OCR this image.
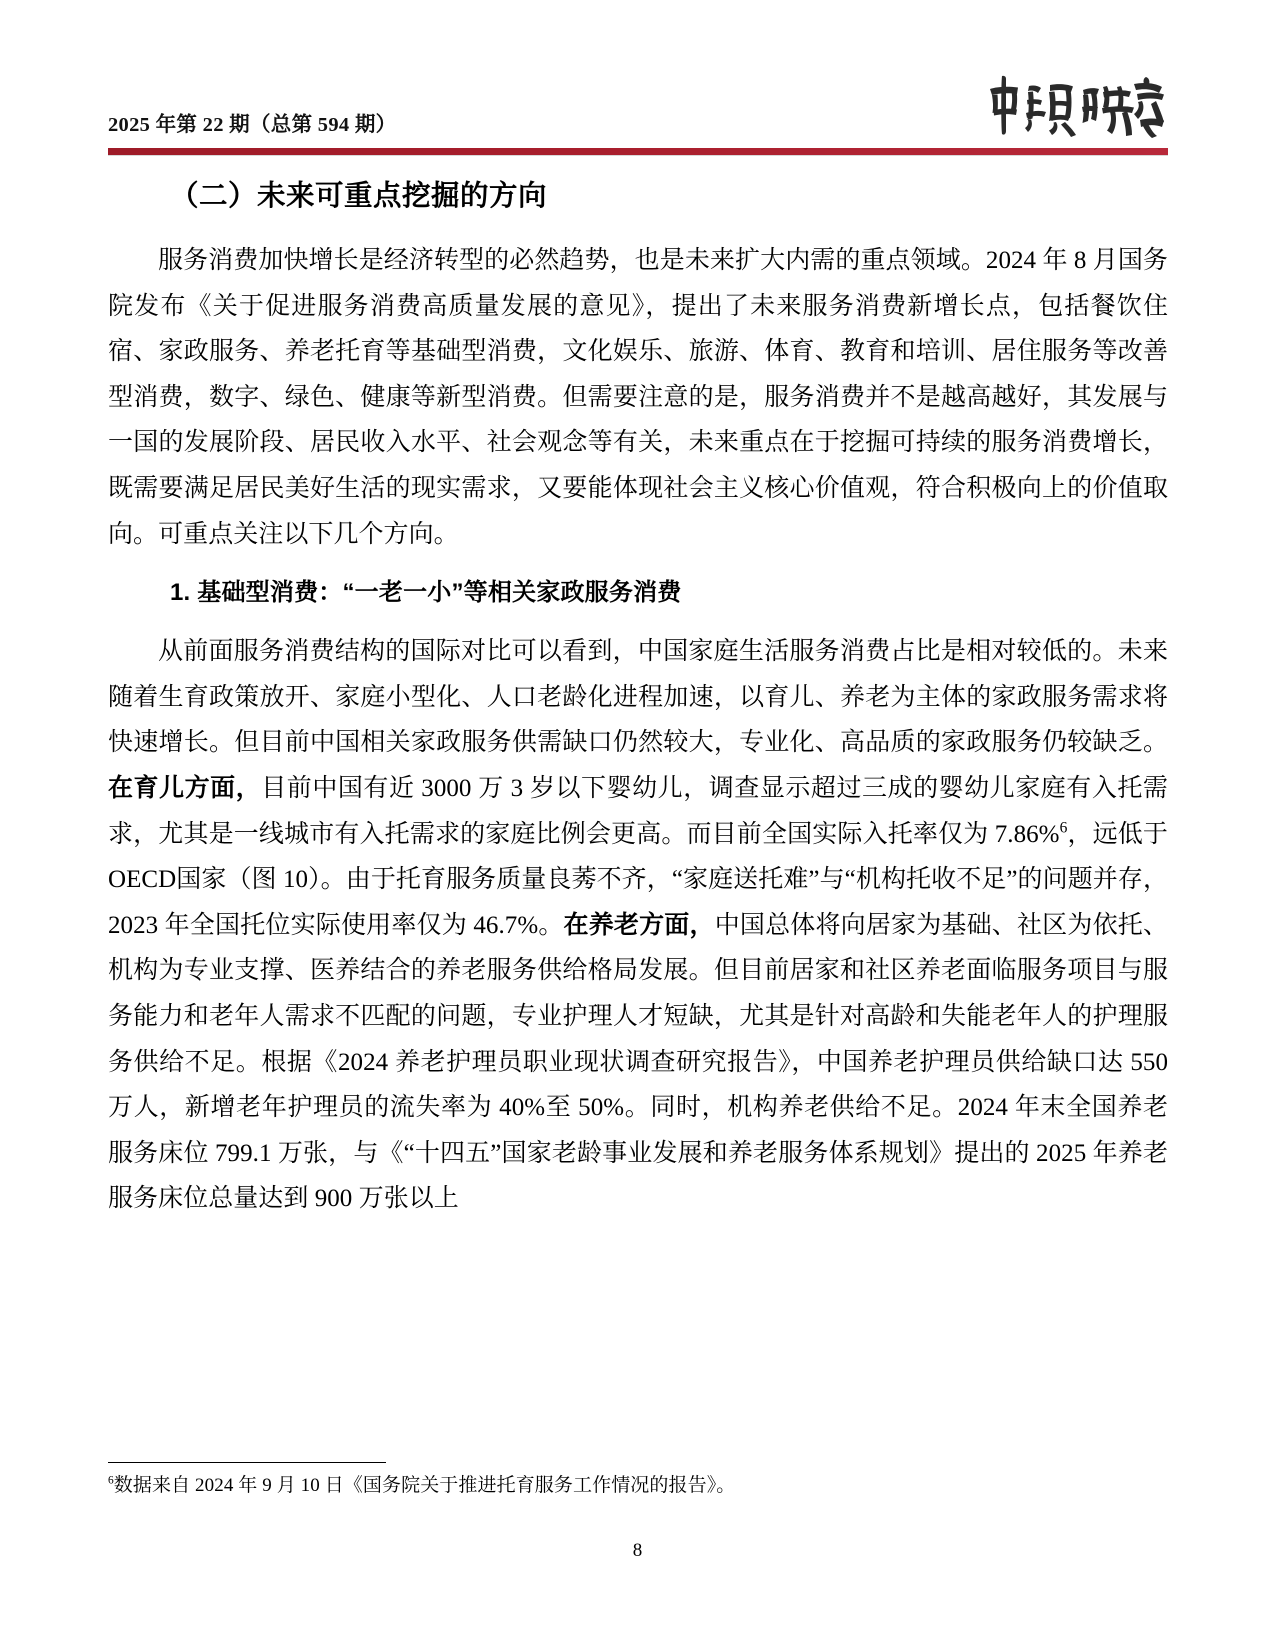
2025 年第 22 期（总第 594 期）
（二）未来可重点挖掘的方向

服务消费加快增长是经济转型的必然趋势，也是未来扩大内需的重点领域。2024 年 8 月国务院发布《关于促进服务消费高质量发展的意见》，提出了未来服务消费新增长点，包括餐饮住宿、家政服务、养老托育等基础型消费，文化娱乐、旅游、体育、教育和培训、居住服务等改善型消费，数字、绿色、健康等新型消费。但需要注意的是，服务消费并不是越高越好，其发展与一国的发展阶段、居民收入水平、社会观念等有关，未来重点在于挖掘可持续的服务消费增长，既需要满足居民美好生活的现实需求，又要能体现社会主义核心价值观，符合积极向上的价值取向。可重点关注以下几个方向。

1. 基础型消费：“一老一小”等相关家政服务消费

从前面服务消费结构的国际对比可以看到，中国家庭生活服务消费占比是相对较低的。未来随着生育政策放开、家庭小型化、人口老龄化进程加速，以育儿、养老为主体的家政服务需求将快速增长。但目前中国相关家政服务供需缺口仍然较大，专业化、高品质的家政服务仍较缺乏。在育儿方面，目前中国有近 3000 万 3 岁以下婴幼儿，调查显示超过三成的婴幼儿家庭有入托需求，尤其是一线城市有入托需求的家庭比例会更高。而目前全国实际入托率仅为 7.86%$^6$，远低于OECD国家（图 10）。由于托育服务质量良莠不齐，“家庭送托难”与“机构托收不足”的问题并存，2023 年全国托位实际使用率仅为 46.7%。在养老方面，中国总体将向居家为基础、社区为依托、机构为专业支撑、医养结合的养老服务供给格局发展。但目前居家和社区养老面临服务项目与服务能力和老年人需求不匹配的问题，专业护理人才短缺，尤其是针对高龄和失能老年人的护理服务供给不足。根据《2024 养老护理员职业现状调查研究报告》，中国养老护理员供给缺口达 550 万人，新增老年护理员的流失率为 40%至 50%。同时，机构养老供给不足。2024 年末全国养老服务床位 799.1 万张，与《“十四五”国家老龄事业发展和养老服务体系规划》提出的 2025 年养老服务床位总量达到 900 万张以上

$^6$数据来自 2024 年 9 月 10 日《国务院关于推进托育服务工作情况的报告》。
8
